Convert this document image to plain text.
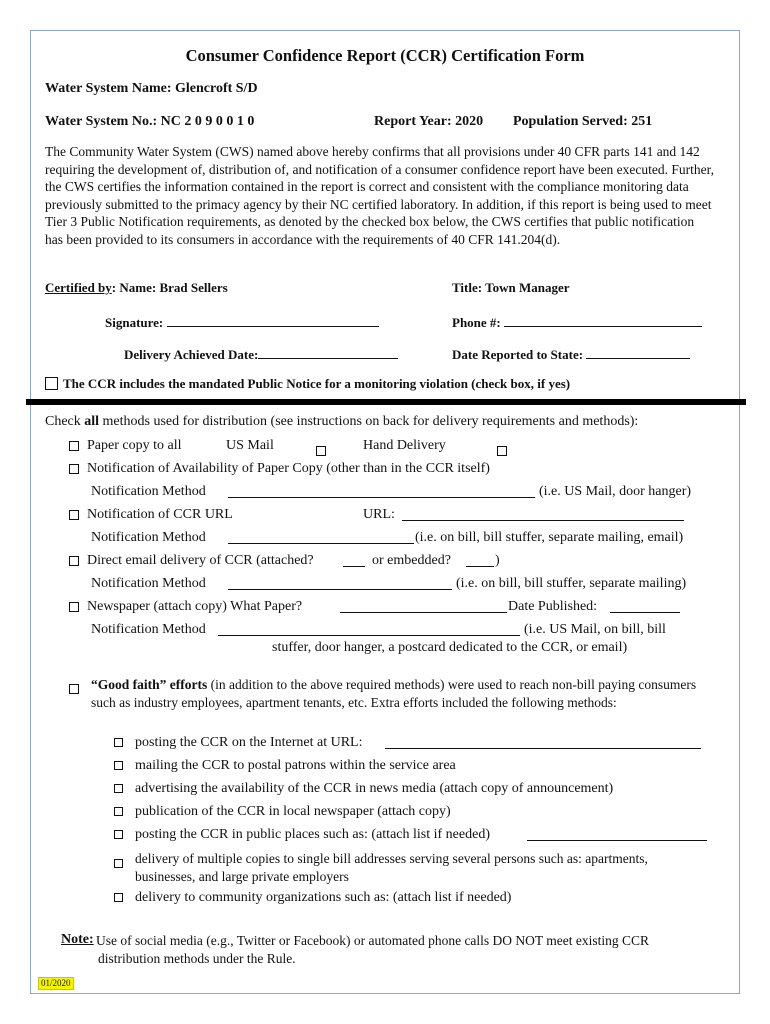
Consumer Confidence Report (CCR) Certification Form
Water System Name: Glencroft S/D
Water System No.: NC 2 0 9 0 0 1 0	Report Year: 2020 Population Served: 251
The Community Water System (CWS) named above hereby confirms that all provisions under 40 CFR parts 141 and 142 requiring the development of, distribution of, and notification of a consumer confidence report have been executed. Further, the CWS certifies the information contained in the report is correct and consistent with the compliance monitoring data previously submitted to the primacy agency by their NC certified laboratory. In addition, if this report is being used to meet Tier 3 Public Notification requirements, as denoted by the checked box below, the CWS certifies that public notification has been provided to its consumers in accordance with the requirements of 40 CFR 141.204(d).
Certified by: Name: Brad Sellers	Title: Town Manager
Signature:	Phone #:
Delivery Achieved Date:	Date Reported to State:
The CCR includes the mandated Public Notice for a monitoring violation (check box, if yes)
Check all methods used for distribution (see instructions on back for delivery requirements and methods):
Paper copy to all	US Mail	Hand Delivery
Notification of Availability of Paper Copy (other than in the CCR itself)
Notification Method	(i.e. US Mail, door hanger)
Notification of CCR URL	URL:
Notification Method	(i.e. on bill, bill stuffer, separate mailing, email)
Direct email delivery of CCR (attached?	or embedded?	)
Notification Method	(i.e. on bill, bill stuffer, separate mailing)
Newspaper (attach copy) What Paper?	Date Published:
Notification Method	(i.e. US Mail, on bill, bill
stuffer, door hanger, a postcard dedicated to the CCR, or email)
“Good faith” efforts (in addition to the above required methods) were used to reach non-bill paying consumers such as industry employees, apartment tenants, etc. Extra efforts included the following methods:
posting the CCR on the Internet at URL:
mailing the CCR to postal patrons within the service area
advertising the availability of the CCR in news media (attach copy of announcement)
publication of the CCR in local newspaper (attach copy)
posting the CCR in public places such as: (attach list if needed)
delivery of multiple copies to single bill addresses serving several persons such as: apartments, businesses, and large private employers
delivery to community organizations such as: (attach list if needed)
Note: Use of social media (e.g., Twitter or Facebook) or automated phone calls DO NOT meet existing CCR distribution methods under the Rule.
01/2020
